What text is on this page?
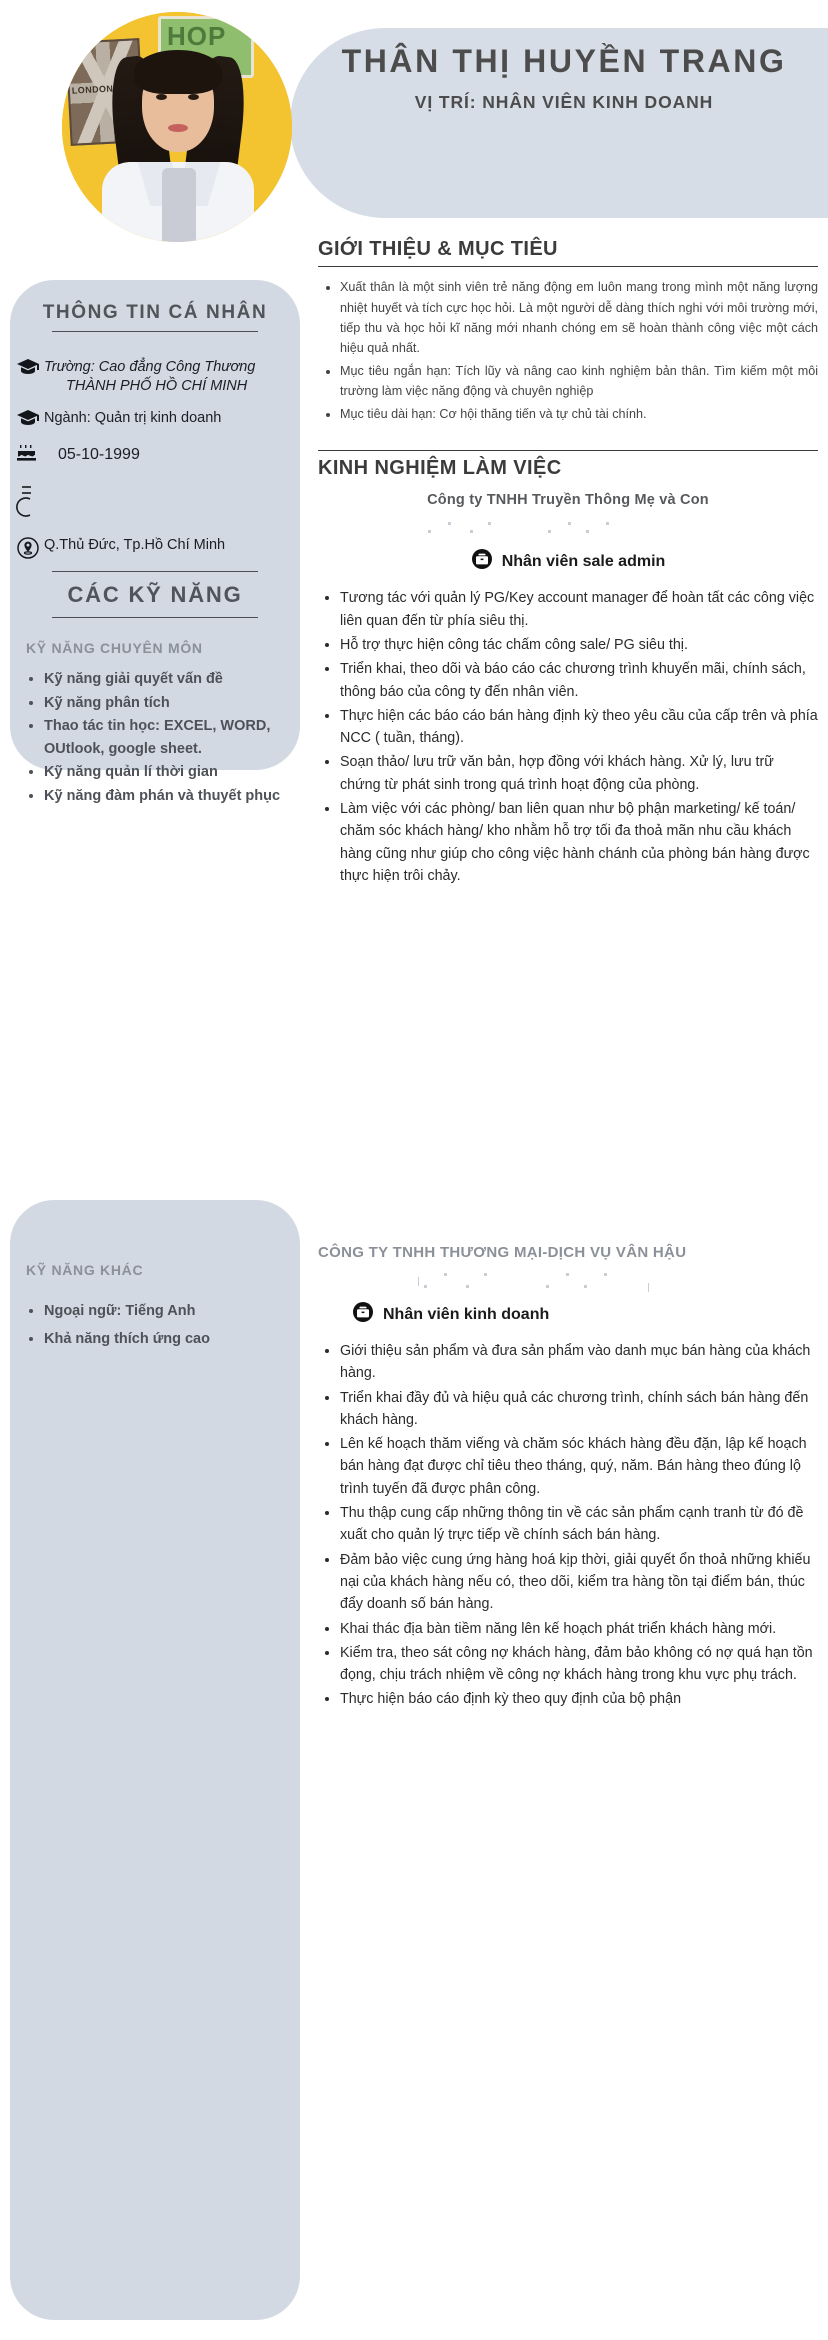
THÂN THỊ HUYỀN TRANG
VỊ TRÍ: NHÂN VIÊN KINH DOANH
HOP Tomorrow
LONDON
THÔNG TIN CÁ NHÂN
Trường: Cao đẳng Công Thương
THÀNH PHỐ HỒ CHÍ MINH
Ngành: Quản trị kinh doanh
05-10-1999
Q.Thủ Đức, Tp.Hồ Chí Minh
CÁC KỸ NĂNG
KỸ NĂNG CHUYÊN MÔN
• Kỹ năng giải quyết vấn đề
• Kỹ năng phân tích
• Thao tác tin học: EXCEL, WORD, OUtlook, google sheet.
• Kỹ năng quản lí thời gian
• Kỹ năng đàm phán và thuyết phục
KỸ NĂNG KHÁC
• Ngoại ngữ: Tiếng Anh
• Khả năng thích ứng cao
GIỚI THIỆU & MỤC TIÊU
• Xuất thân là một sinh viên trẻ năng động em luôn mang trong mình một năng lượng nhiệt huyết và tích cực học hỏi. Là một người dễ dàng thích nghi với môi trường mới, tiếp thu và học hỏi kĩ năng mới nhanh chóng em sẽ hoàn thành công việc một cách hiệu quả nhất.
• Mục tiêu ngắn hạn: Tích lũy và nâng cao kinh nghiệm bản thân. Tìm kiếm một môi trường làm việc năng động và chuyên nghiệp
• Mục tiêu dài hạn: Cơ hội thăng tiến và tự chủ tài chính.
KINH NGHIỆM LÀM VIỆC
Công ty TNHH Truyền Thông Mẹ và Con
Nhân viên sale admin
• Tương tác với quản lý PG/Key account manager để hoàn tất các công việc liên quan đến từ phía siêu thị.
• Hỗ trợ thực hiện công tác chấm công sale/ PG siêu thị.
• Triển khai, theo dõi và báo cáo các chương trình khuyến mãi, chính sách, thông báo của công ty đến nhân viên.
• Thực hiện các báo cáo bán hàng định kỳ theo yêu cầu của cấp trên và phía NCC ( tuần, tháng).
• Soạn thảo/ lưu trữ văn bản, hợp đồng với khách hàng. Xử lý, lưu trữ chứng từ phát sinh trong quá trình hoạt động của phòng.
• Làm việc với các phòng/ ban liên quan như bộ phận marketing/ kế toán/ chăm sóc khách hàng/ kho nhằm hỗ trợ tối đa thoả mãn nhu cầu khách hàng cũng như giúp cho công việc hành chánh của phòng bán hàng được thực hiện trôi chảy.
CÔNG TY TNHH THƯƠNG MẠI-DỊCH VỤ VÂN HẬU
Nhân viên kinh doanh
• Giới thiệu sản phẩm và đưa sản phẩm vào danh mục bán hàng của khách hàng.
• Triển khai đầy đủ và hiệu quả các chương trình, chính sách bán hàng đến khách hàng.
• Lên kế hoạch thăm viếng và chăm sóc khách hàng đều đặn, lập kế hoạch bán hàng đạt được chỉ tiêu theo tháng, quý, năm. Bán hàng theo đúng lộ trình tuyến đã được phân công.
• Thu thập cung cấp những thông tin về các sản phẩm cạnh tranh từ đó đề xuất cho quản lý trực tiếp về chính sách bán hàng.
• Đảm bảo việc cung ứng hàng hoá kịp thời, giải quyết ổn thoả những khiếu nại của khách hàng nếu có, theo dõi, kiểm tra hàng tồn tại điểm bán, thúc đẩy doanh số bán hàng.
• Khai thác địa bàn tiềm năng lên kế hoạch phát triển khách hàng mới.
• Kiểm tra, theo sát công nợ khách hàng, đảm bảo không có nợ quá hạn tồn đọng, chịu trách nhiệm về công nợ khách hàng trong khu vực phụ trách.
• Thực hiện báo cáo định kỳ theo quy định của bộ phận
